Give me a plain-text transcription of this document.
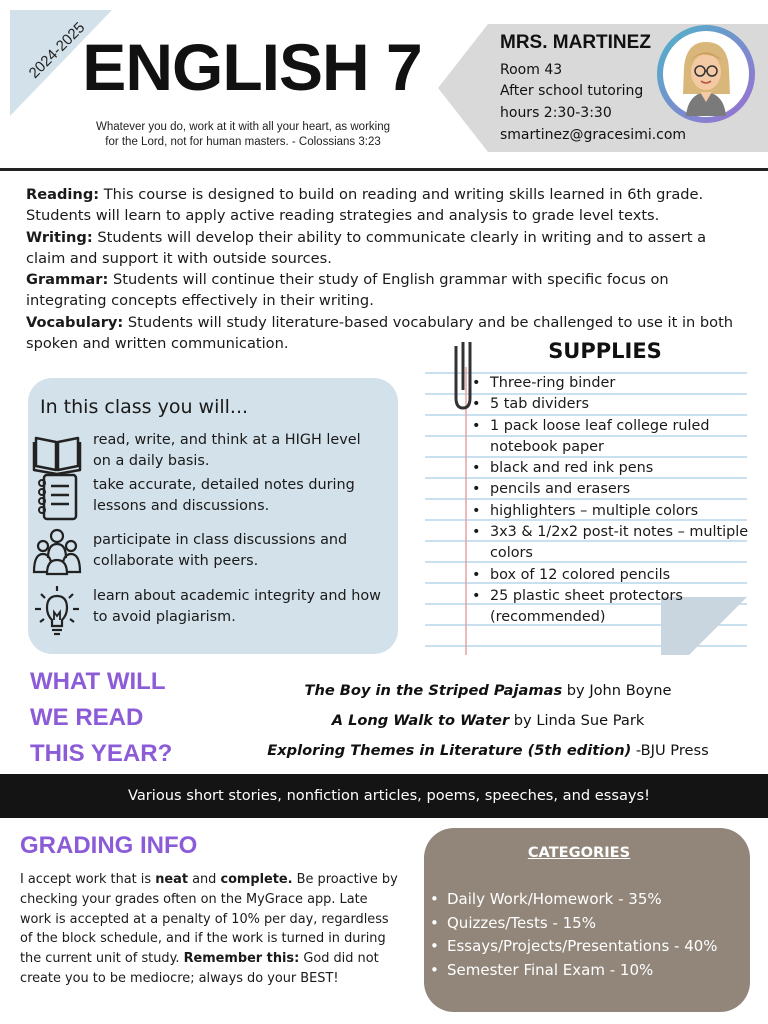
2024-2025
ENGLISH 7
Whatever you do, work at it with all your heart, as working
for the Lord, not for human masters. - Colossians 3:23
MRS. MARTINEZ
Room 43
After school tutoring
hours 2:30-3:30
smartinez@gracesimi.com
Reading: This course is designed to build on reading and writing skills learned in 6th grade. Students will learn to apply active reading strategies and analysis to grade level texts.
Writing: Students will develop their ability to communicate clearly in writing and to assert a claim and support it with outside sources.
Grammar: Students will continue their study of English grammar with specific focus on integrating concepts effectively in their writing.
Vocabulary: Students will study literature-based vocabulary and be challenged to use it in both spoken and written communication.
In this class you will...
read, write, and think at a HIGH level on a daily basis.
take accurate, detailed notes during lessons and discussions.
participate in class discussions and collaborate with peers.
learn about academic integrity and how to avoid plagiarism.
SUPPLIES
• Three-ring binder
• 5 tab dividers
• 1 pack loose leaf college ruled notebook paper
• black and red ink pens
• pencils and erasers
• highlighters – multiple colors
• 3x3 & 1/2x2 post-it notes – multiple colors
• box of 12 colored pencils
• 25 plastic sheet protectors (recommended)
WHAT WILL
WE READ
THIS YEAR?
The Boy in the Striped Pajamas by John Boyne
A Long Walk to Water by Linda Sue Park
Exploring Themes in Literature (5th edition) -BJU Press
Various short stories, nonfiction articles, poems, speeches, and essays!
GRADING INFO
I accept work that is neat and complete. Be proactive by checking your grades often on the MyGrace app. Late work is accepted at a penalty of 10% per day, regardless of the block schedule, and if the work is turned in during the current unit of study. Remember this: God did not create you to be mediocre; always do your BEST!
CATEGORIES
• Daily Work/Homework - 35%
• Quizzes/Tests - 15%
• Essays/Projects/Presentations - 40%
• Semester Final Exam - 10%
